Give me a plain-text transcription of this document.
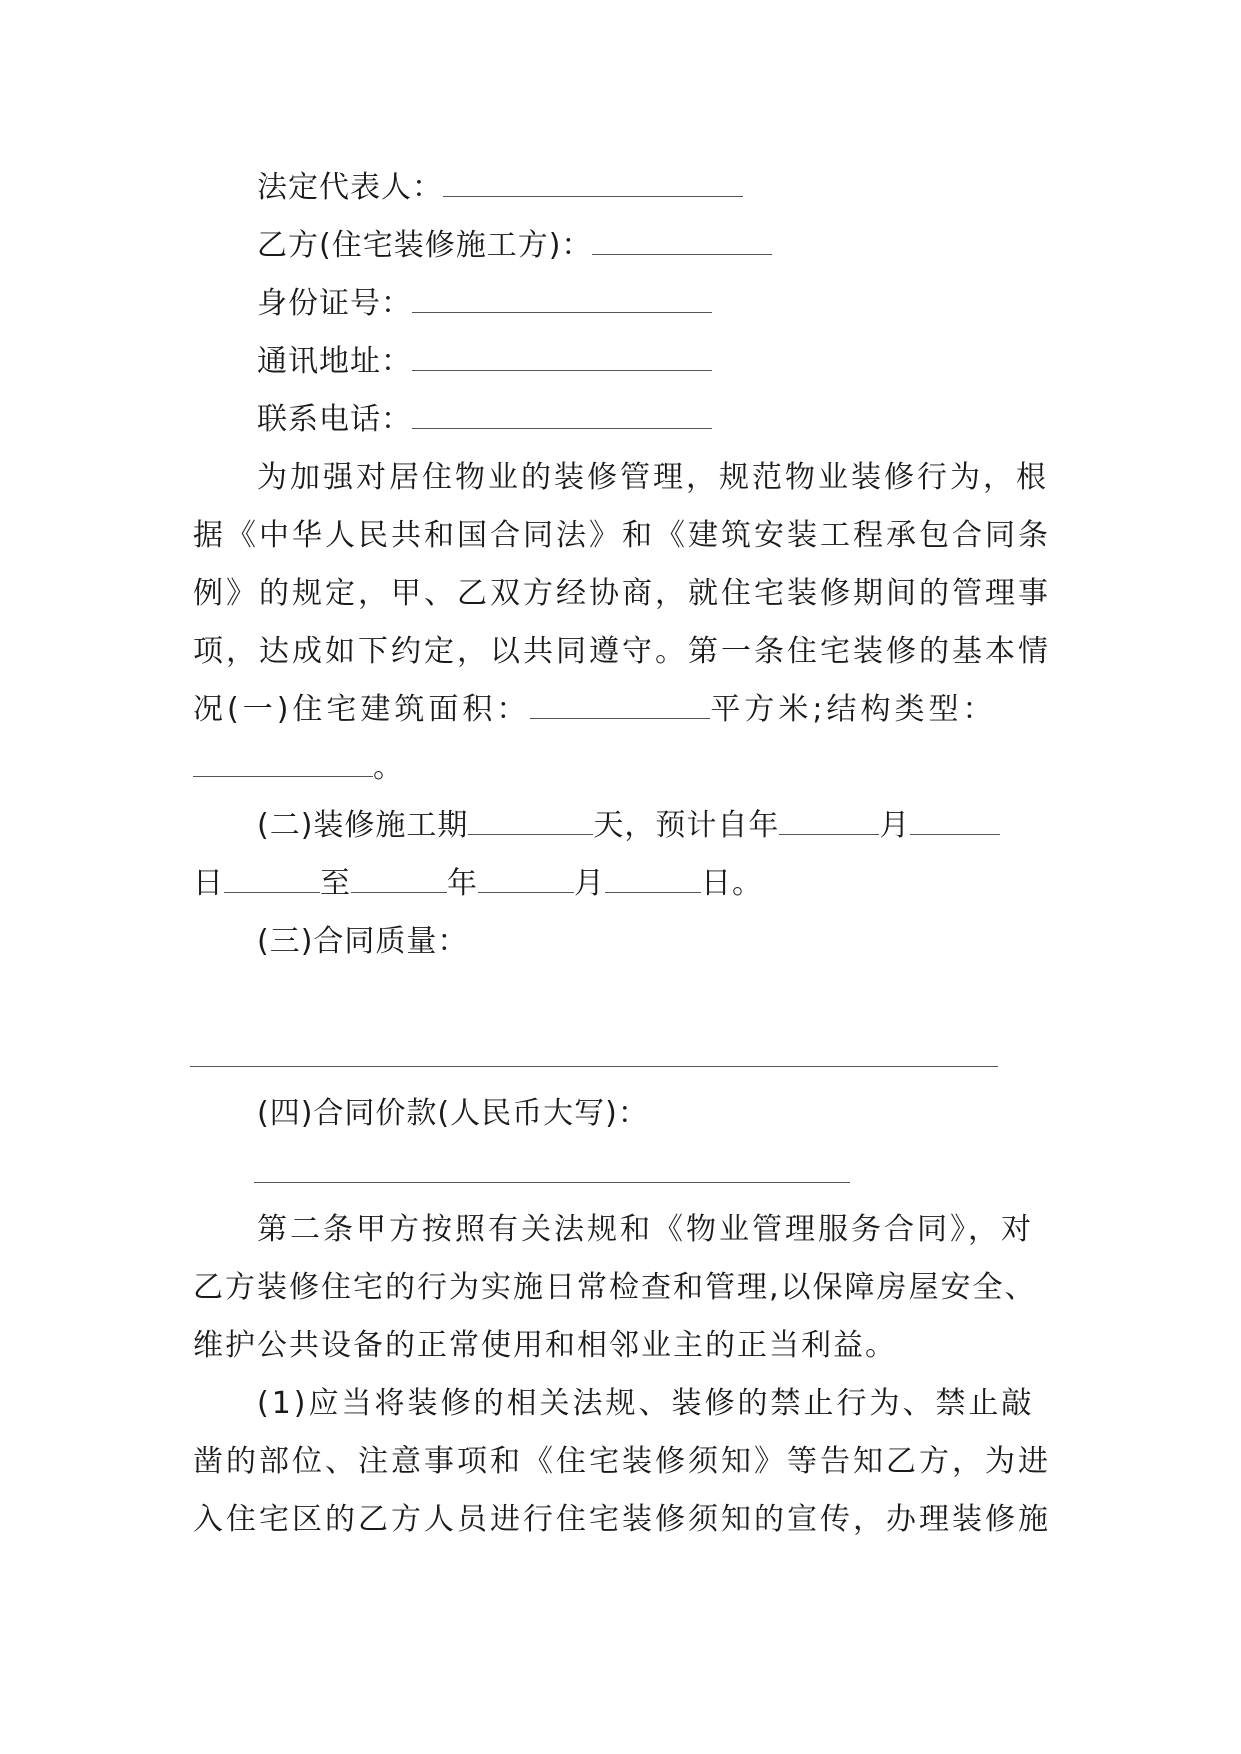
法定代表人：
乙方(住宅装修施工方)：
身份证号：
通讯地址：
联系电话：
为加强对居住物业的装修管理，规范物业装修行为，根
据《中华人民共和国合同法》和《建筑安装工程承包合同条
例》的规定，甲、乙双方经协商，就住宅装修期间的管理事
项，达成如下约定，以共同遵守。第一条住宅装修的基本情
况(一)住宅建筑面积：	平方米;结构类型：
。
(二)装修施工期	天，预计自年	月
日	至	年	月	日。
(三)合同质量：
(四)合同价款(人民币大写)：
第二条甲方按照有关法规和《物业管理服务合同》，对
乙方装修住宅的行为实施日常检查和管理,以保障房屋安全、
维护公共设备的正常使用和相邻业主的正当利益。
(1)应当将装修的相关法规、装修的禁止行为、禁止敲
凿的部位、注意事项和《住宅装修须知》等告知乙方，为进
入住宅区的乙方人员进行住宅装修须知的宣传，办理装修施
